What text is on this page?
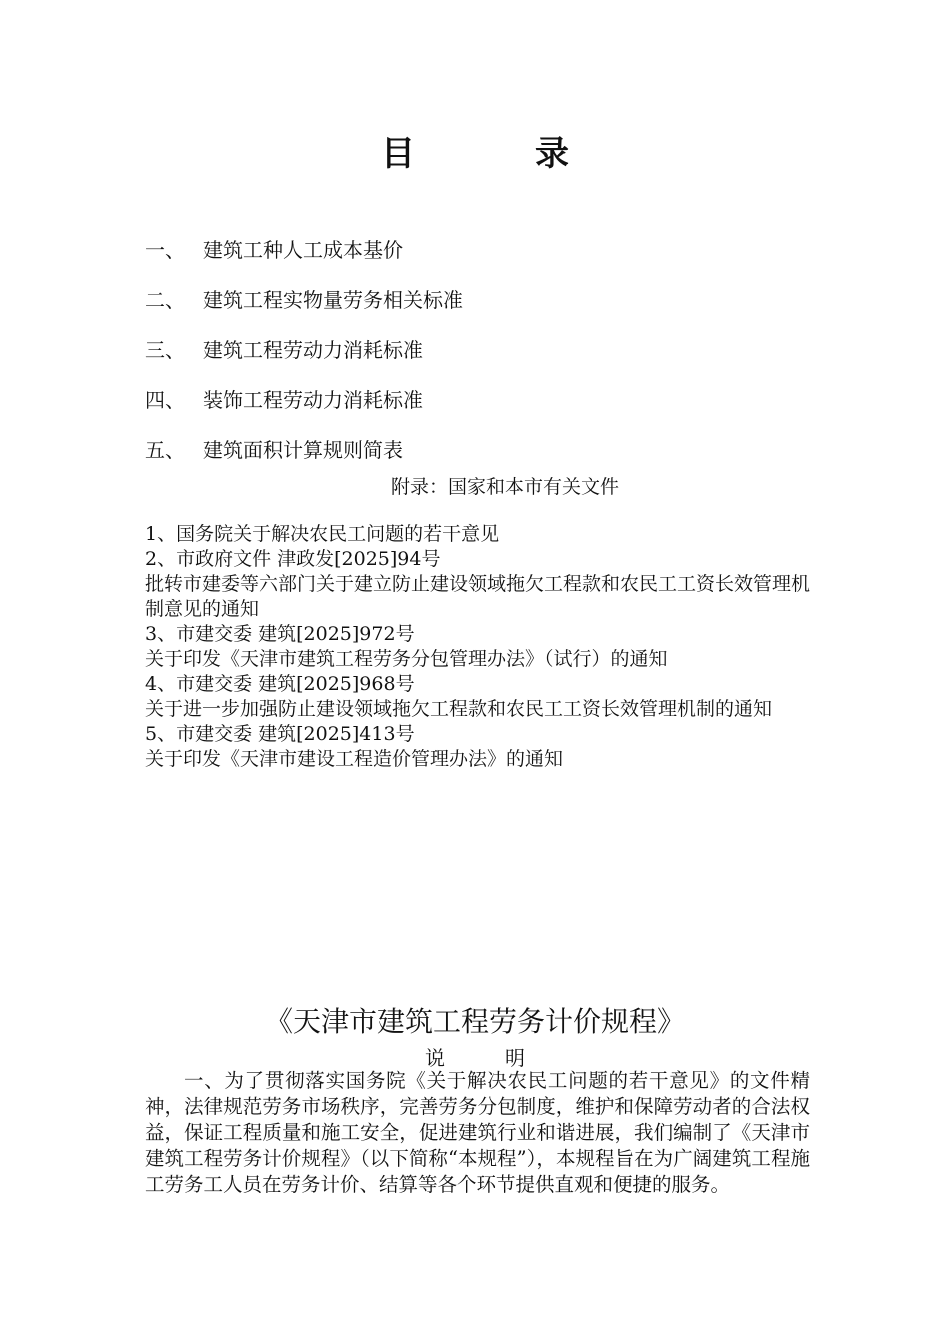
目	录
一、 建筑工种人工成本基价
二、 建筑工程实物量劳务相关标准
三、 建筑工程劳动力消耗标准
四、 装饰工程劳动力消耗标准
五、 建筑面积计算规则简表
附录：国家和本市有关文件
1、国务院关于解决农民工问题的若干意见
2、市政府文件 津政发[2025]94号
批转市建委等六部门关于建立防止建设领域拖欠工程款和农民工工资长效管理机制意见的通知
3、市建交委 建筑[2025]972号
关于印发《天津市建筑工程劳务分包管理办法》（试行）的通知
4、市建交委 建筑[2025]968号
关于进一步加强防止建设领域拖欠工程款和农民工工资长效管理机制的通知
5、市建交委 建筑[2025]413号
关于印发《天津市建设工程造价管理办法》的通知
《天津市建筑工程劳务计价规程》
说	明
一、为了贯彻落实国务院《关于解决农民工问题的若干意见》的文件精神，法律规范劳务市场秩序，完善劳务分包制度，维护和保障劳动者的合法权益，保证工程质量和施工安全，促进建筑行业和谐进展，我们编制了《天津市建筑工程劳务计价规程》（以下简称“本规程”），本规程旨在为广阔建筑工程施工劳务工人员在劳务计价、结算等各个环节提供直观和便捷的服务。
